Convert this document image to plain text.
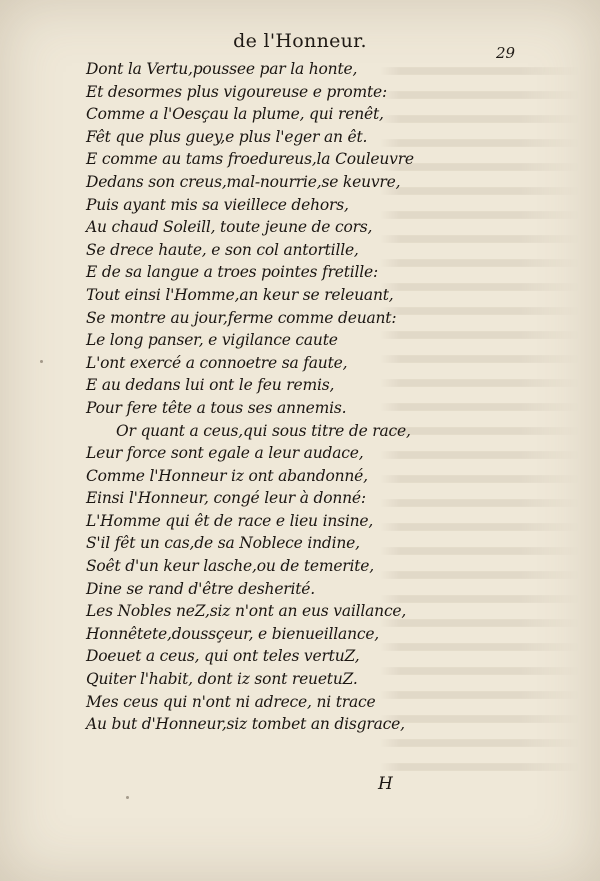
de l'Honneur.
29
Dont la Vertu,poussee par la honte,
Et desormes plus vigoureuse e promte:
Comme a l'Oesçau la plume, qui renêt,
Fêt que plus guey,e plus l'eger an êt.
E comme au tams froedureus,la Couleuvre
Dedans son creus,mal-nourrie,se keuvre,
Puis ayant mis sa vieillece dehors,
Au chaud Soleill, toute jeune de cors,
Se drece haute, e son col antortille,
E de sa langue a troes pointes fretille:
Tout einsi l'Homme,an keur se releuant,
Se montre au jour,ferme comme deuant:
Le long panser, e vigilance caute
L'ont exercé a connoetre sa faute,
E au dedans lui ont le feu remis,
Pour fere tête a tous ses annemis.
Or quant a ceus,qui sous titre de race,
Leur force sont egale a leur audace,
Comme l'Honneur iz ont abandonné,
Einsi l'Honneur, congé leur à donné:
L'Homme qui êt de race e lieu insine,
S'il fêt un cas,de sa Noblece indine,
Soêt d'un keur lasche,ou de temerite,
Dine se rand d'être desherité.
Les Nobles neZ,siz n'ont an eus vaillance,
Honnêtete,doussçeur, e bienueillance,
Doeuet a ceus, qui ont teles vertuZ,
Quiter l'habit, dont iz sont reuetuZ.
Mes ceus qui n'ont ni adrece, ni trace
Au but d'Honneur,siz tombet an disgrace,
H
